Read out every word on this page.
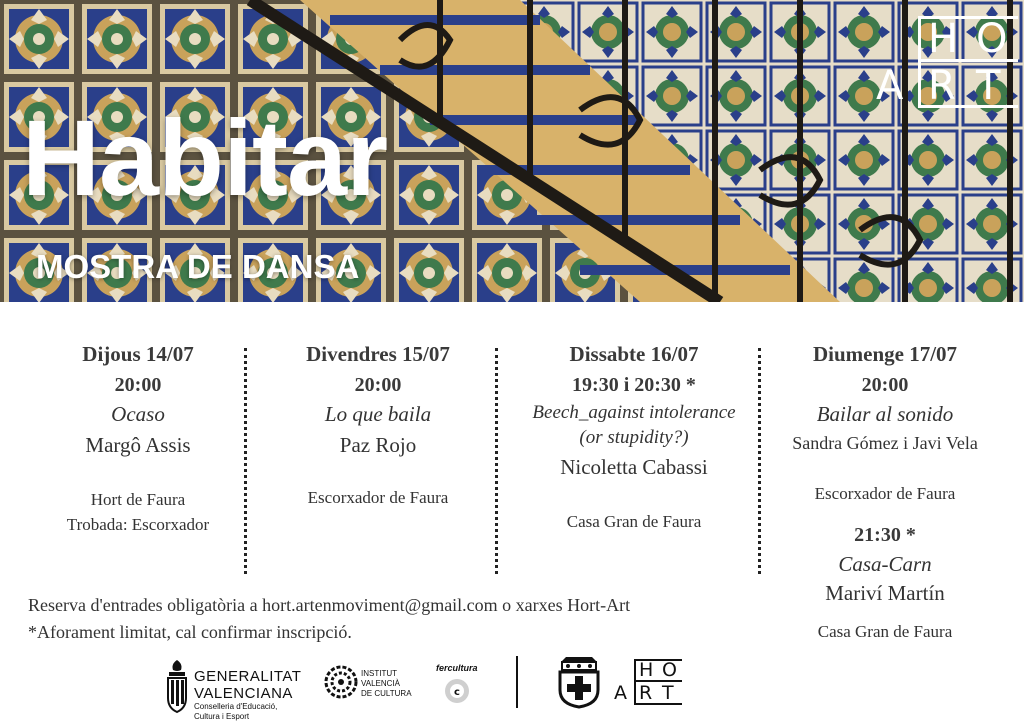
Habitar
MOSTRA DE DANSA
H O
A R T
Dijous 14/07
20:00
Ocaso
Margô Assis
Hort de Faura
Trobada: Escorxador
Divendres 15/07
20:00
Lo que baila
Paz Rojo
Escorxador de Faura
Dissabte 16/07
19:30 i 20:30 *
Beech_against intolerance
(or stupidity?)
Nicoletta Cabassi
Casa Gran de Faura
Diumenge 17/07
20:00
Bailar al sonido
Sandra Gómez i Javi Vela
Escorxador de Faura
21:30 *
Casa-Carn
Mariví Martín
Casa Gran de Faura
Reserva d'entrades obligatòria a hort.artenmoviment@gmail.com o xarxes Hort-Art
*Aforament limitat, cal confirmar inscripció.
GENERALITAT
VALENCIANA
Conselleria d'Educació,
Cultura i Esport
INSTITUT
VALENCIÀ
DE CULTURA
fercultura
c
H O
A R T
